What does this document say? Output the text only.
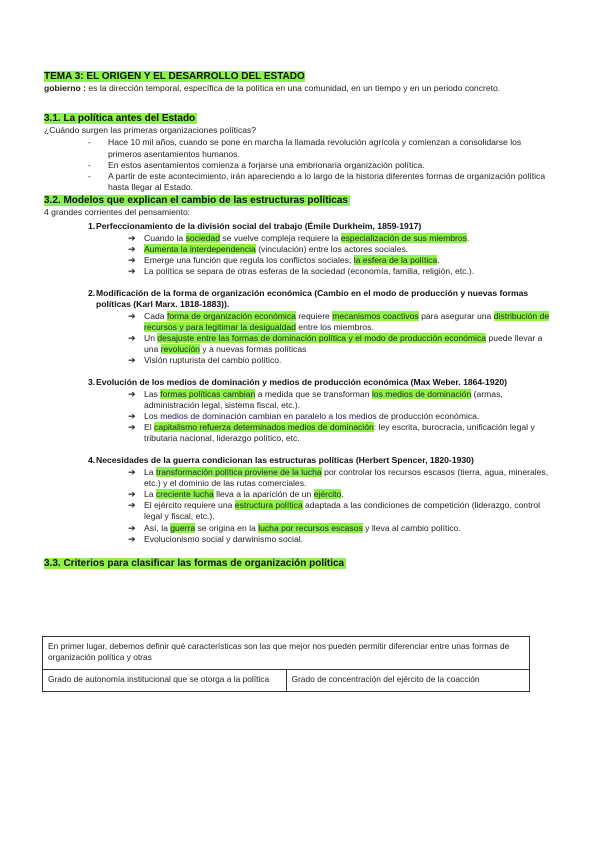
TEMA 3: EL ORIGEN Y EL DESARROLLO DEL ESTADO

gobierno : es la dirección temporal, específica de la política en una comunidad, en un tiempo y en un periodo concreto.

3.1. La política antes del Estado

¿Cuándo surgen las primeras organizaciones políticas?

- Hace 10 mil años, cuando se pone en marcha la llamada revolución agrícola y comienzan a consolidarse los primeros asentamientos humanos.
- En estos asentamientos comienza a forjarse una embrionaria organización política.
- A partir de este acontecimiento, irán apareciendo a lo largo de la historia diferentes formas de organización política hasta llegar al Estado.

3.2. Modelos que explican el cambio de las estructuras políticas

4 grandes corrientes del pensamiento:

1. Perfeccionamiento de la división social del trabajo (Émile Durkheim, 1859-1917)

➔ Cuando la sociedad se vuelve compleja requiere la especialización de sus miembros.
➔ Aumenta la interdependencia (vinculación) entre los actores sociales.
➔ Emerge una función que regula los conflictos sociales; la esfera de la política.
➔ La política se separa de otras esferas de la sociedad (economía, familia, religión, etc.).

2. Modificación de la forma de organización económica (Cambio en el modo de producción y nuevas formas políticas (Karl Marx. 1818-1883)).

➔ Cada forma de organización económica requiere mecanismos coactivos para asegurar una distribución de recursos y para legitimar la desigualdad entre los miembros.
➔ Un desajuste entre las formas de dominación política y el modo de producción económica puede llevar a una revolución y a nuevas formas políticas
➔ Visión rupturista del cambio político.

3. Evolución de los medios de dominación y medios de producción económica (Max Weber. 1864-1920)

➔ Las formas políticas cambian a medida que se transforman los medios de dominación (armas, administración legal, sistema fiscal, etc.).
➔ Los medios de dominación cambian en paralelo a los medios de producción económica.
➔ El capitalismo refuerza determinados medios de dominación: ley escrita, burocracia, unificación legal y tributaria nacional, liderazgo político, etc.

4. Necesidades de la guerra condicionan las estructuras políticas (Herbert Spencer, 1820-1930)

➔ La transformación política proviene de la lucha por controlar los recursos escasos (tierra, agua, minerales, etc.) y el dominio de las rutas comerciales.
➔ La creciente lucha lleva a la aparición de un ejército.
➔ El ejército requiere una estructura política adaptada a las condiciones de competición (liderazgo, control legal y fiscal, etc.).
➔ Así, la guerra se origina en la lucha por recursos escasos y lleva al cambio político.
➔ Evolucionismo social y darwinismo social.

3.3. Criterios para clasificar las formas de organización política

En primer lugar, debemos definir qué características son las que mejor nos pueden permitir diferenciar entre unas formas de organización política y otras
Grado de autonomía institucional que se otorga a la política	Grado de concentración del ejército de la coacción
